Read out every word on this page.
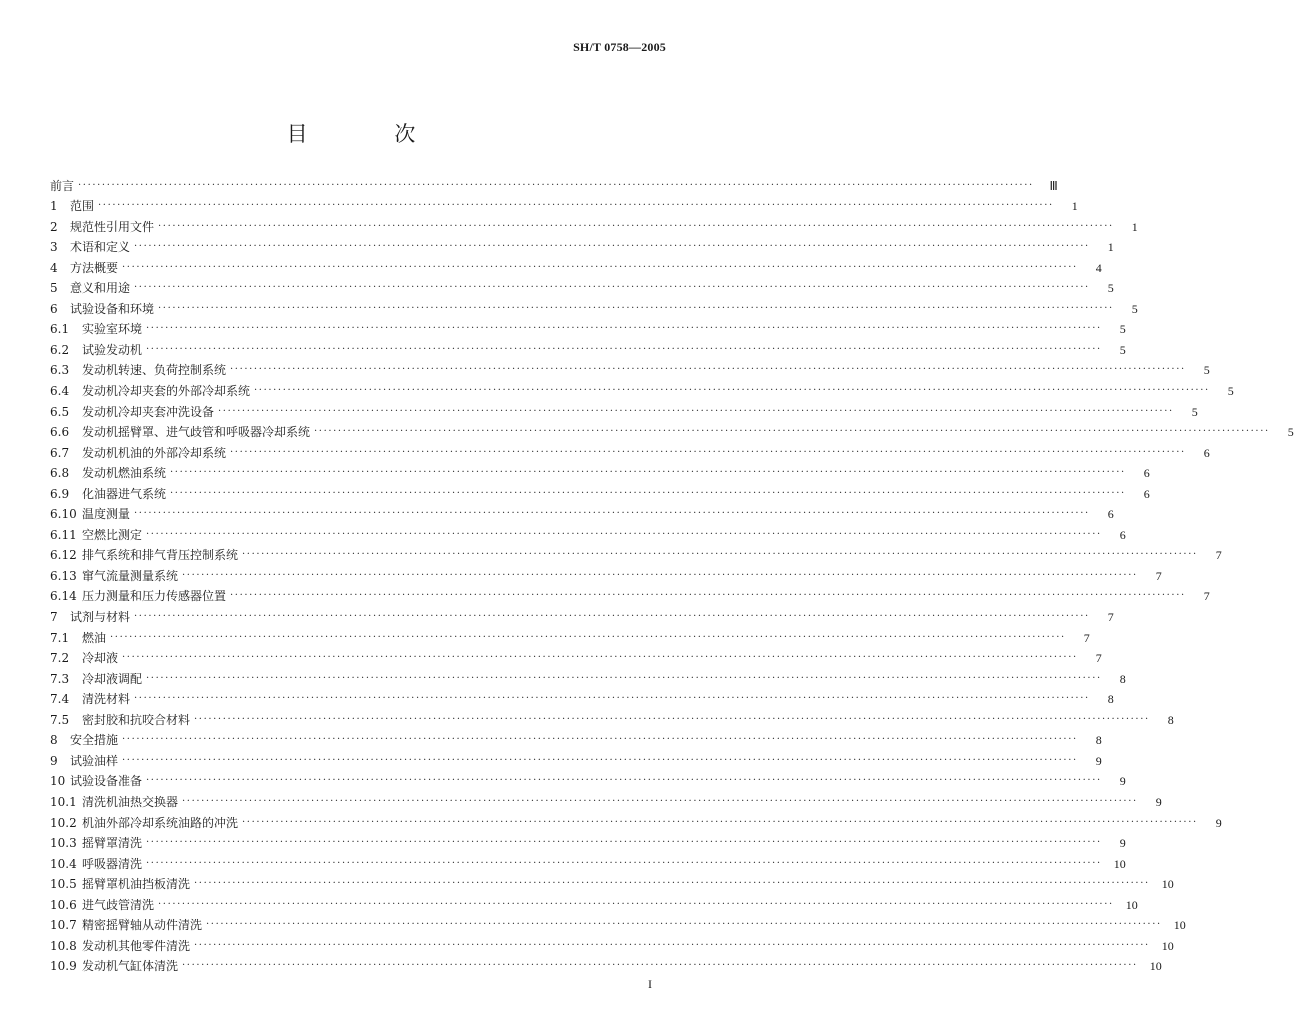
SH/T 0758—2005
目 次
前言 ········································································································································································································	Ⅲ
1	范围 ········································································································································································································	1
2	规范性引用文件 ········································································································································································································	1
3	术语和定义 ········································································································································································································	1
4	方法概要 ········································································································································································································	4
5	意义和用途 ········································································································································································································	5
6	试验设备和环境 ········································································································································································································	5
6.1	实验室环境 ········································································································································································································	5
6.2	试验发动机 ········································································································································································································	5
6.3	发动机转速、负荷控制系统 ········································································································································································································	5
6.4	发动机冷却夹套的外部冷却系统 ········································································································································································································	5
6.5	发动机冷却夹套冲洗设备 ········································································································································································································	5
6.6	发动机摇臂罩、进气歧管和呼吸器冷却系统 ········································································································································································································	5
6.7	发动机机油的外部冷却系统 ········································································································································································································	6
6.8	发动机燃油系统 ········································································································································································································	6
6.9	化油器进气系统 ········································································································································································································	6
6.10 温度测量 ········································································································································································································	6
6.11 空燃比测定 ········································································································································································································	6
6.12 排气系统和排气背压控制系统 ········································································································································································································	7
6.13 窜气流量测量系统 ········································································································································································································	7
6.14 压力测量和压力传感器位置 ········································································································································································································	7
7	试剂与材料 ········································································································································································································	7
7.1	燃油 ········································································································································································································	7
7.2	冷却液 ········································································································································································································	7
7.3	冷却液调配 ········································································································································································································	8
7.4	清洗材料 ········································································································································································································	8
7.5	密封胶和抗咬合材料 ········································································································································································································	8
8	安全措施 ········································································································································································································	8
9	试验油样 ········································································································································································································	9
10 试验设备准备 ········································································································································································································	9
10.1 清洗机油热交换器 ········································································································································································································	9
10.2 机油外部冷却系统油路的冲洗 ········································································································································································································	9
10.3 摇臂罩清洗 ········································································································································································································	9
10.4 呼吸器清洗 ········································································································································································································	10
10.5 摇臂罩机油挡板清洗 ········································································································································································································	10
10.6 进气歧管清洗 ········································································································································································································	10
10.7 精密摇臂轴从动件清洗 ········································································································································································································	10
10.8 发动机其他零件清洗 ········································································································································································································	10
10.9 发动机气缸体清洗 ········································································································································································································	10
I
